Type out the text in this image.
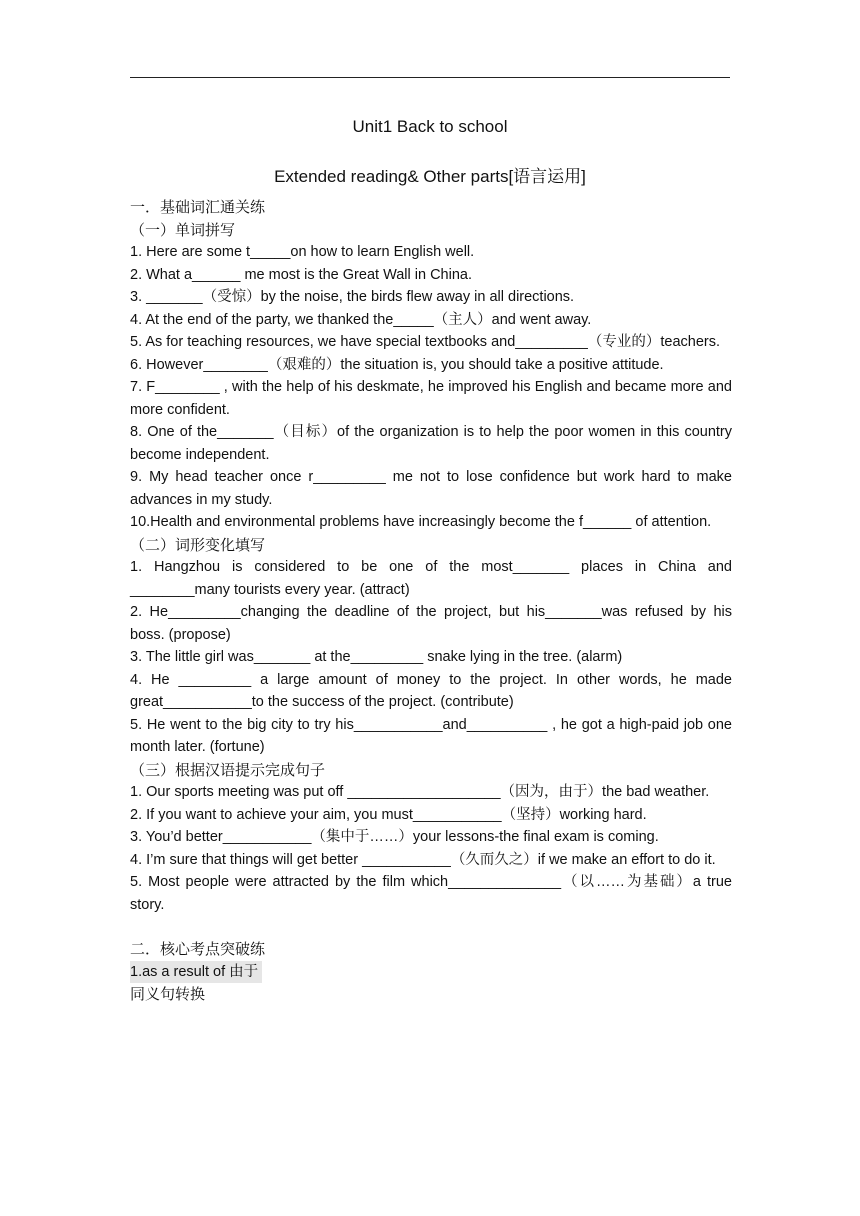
Unit1 Back to school
Extended reading& Other parts[语言运用]
一．基础词汇通关练
（一）单词拼写
1. Here are some t_____on how to learn English well.
2. What a______ me most is the Great Wall in China.
3. _______（受惊）by the noise, the birds flew away in all directions.
4. At the end of the party, we thanked the_____（主人）and went away.
5. As for teaching resources, we have special textbooks and_________（专业的）teachers.
6. However________（艰难的）the situation is, you should take a positive attitude.
7. F________ , with the help of his deskmate, he improved his English and became more and more confident.
8. One of the_______（目标）of the organization is to help the poor women in this country become independent.
9. My head teacher once r_________ me not to lose confidence but work hard to make advances in my study.
10.Health and environmental problems have increasingly become the f______ of attention.
（二）词形变化填写
1. Hangzhou is considered to be one of the most_______ places in China and ________many tourists every year. (attract)
2. He_________changing the deadline of the project, but his_______was refused by his boss. (propose)
3. The little girl was_______ at the_________ snake lying in the tree. (alarm)
4. He _________ a large amount of money to the project. In other words, he made great___________to the success of the project. (contribute)
5. He went to the big city to try his___________and__________ , he got a high-paid job one month later. (fortune)
（三）根据汉语提示完成句子
1. Our sports meeting was put off ___________________（因为，由于）the bad weather.
2. If you want to achieve your aim, you must___________（坚持）working hard.
3. You’d better___________（集中于……）your lessons-the final exam is coming.
4. I’m sure that things will get better ___________（久而久之）if we make an effort to do it.
5. Most people were attracted by the film which______________（以……为基础）a true story.
二．核心考点突破练
1.as a result of 由于
同义句转换
